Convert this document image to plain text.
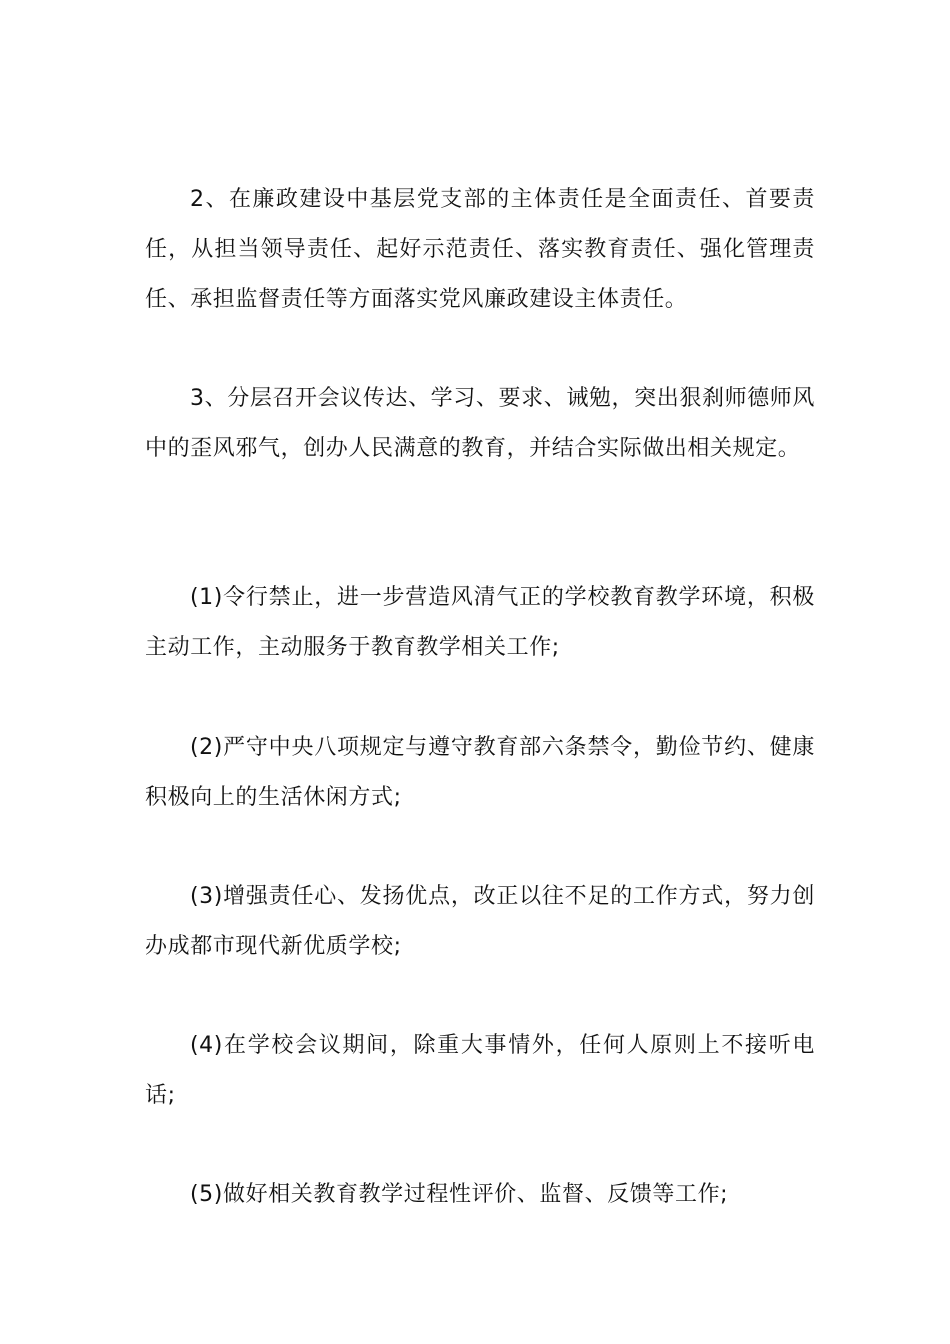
2、在廉政建设中基层党支部的主体责任是全面责任、首要责任，从担当领导责任、起好示范责任、落实教育责任、强化管理责任、承担监督责任等方面落实党风廉政建设主体责任。

3、分层召开会议传达、学习、要求、诫勉，突出狠刹师德师风中的歪风邪气，创办人民满意的教育，并结合实际做出相关规定。

(1)令行禁止，进一步营造风清气正的学校教育教学环境，积极主动工作，主动服务于教育教学相关工作;

(2)严守中央八项规定与遵守教育部六条禁令，勤俭节约、健康积极向上的生活休闲方式;

(3)增强责任心、发扬优点，改正以往不足的工作方式，努力创办成都市现代新优质学校;

(4)在学校会议期间，除重大事情外，任何人原则上不接听电话;

(5)做好相关教育教学过程性评价、监督、反馈等工作;
